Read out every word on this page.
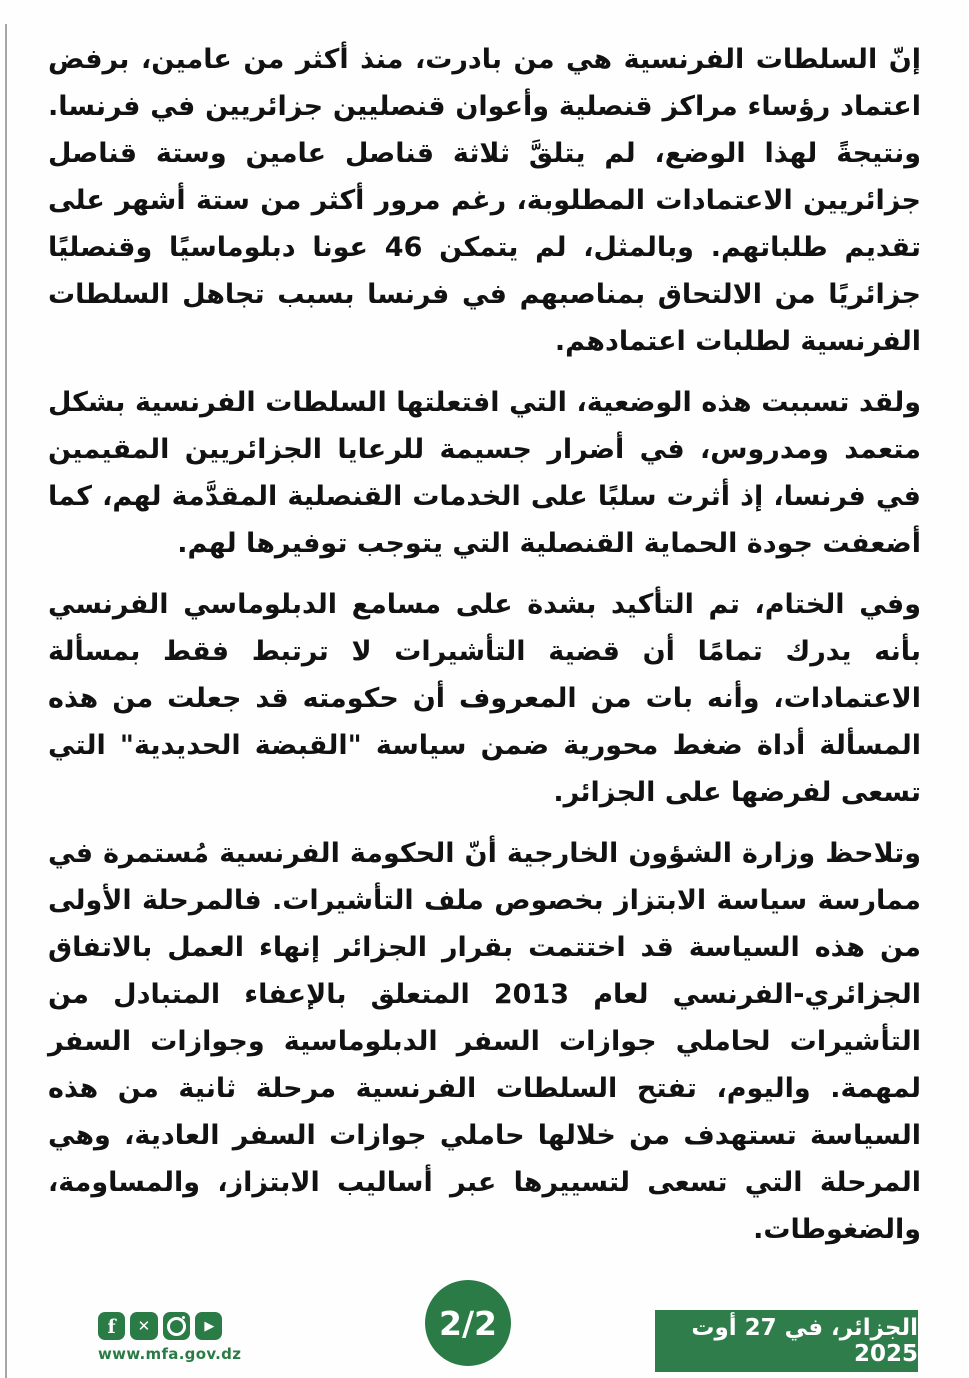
إنّ السلطات الفرنسية هي من بادرت، منذ أكثر من عامين، برفض اعتماد رؤساء مراكز قنصلية وأعوان قنصليين جزائريين في فرنسا. ونتيجةً لهذا الوضع، لم يتلقَّ ثلاثة قناصل عامين وستة قناصل جزائريين الاعتمادات المطلوبة، رغم مرور أكثر من ستة أشهر على تقديم طلباتهم. وبالمثل، لم يتمكن 46 عونا دبلوماسيًا وقنصليًا جزائريًا من الالتحاق بمناصبهم في فرنسا بسبب تجاهل السلطات الفرنسية لطلبات اعتمادهم.

ولقد تسببت هذه الوضعية، التي افتعلتها السلطات الفرنسية بشكل متعمد ومدروس، في أضرار جسيمة للرعايا الجزائريين المقيمين في فرنسا، إذ أثرت سلبًا على الخدمات القنصلية المقدَّمة لهم، كما أضعفت جودة الحماية القنصلية التي يتوجب توفيرها لهم.

وفي الختام، تم التأكيد بشدة على مسامع الدبلوماسي الفرنسي بأنه يدرك تمامًا أن قضية التأشيرات لا ترتبط فقط بمسألة الاعتمادات، وأنه بات من المعروف أن حكومته قد جعلت من هذه المسألة أداة ضغط محورية ضمن سياسة "القبضة الحديدية" التي تسعى لفرضها على الجزائر.

وتلاحظ وزارة الشؤون الخارجية أنّ الحكومة الفرنسية مُستمرة في ممارسة سياسة الابتزاز بخصوص ملف التأشيرات. فالمرحلة الأولى من هذه السياسة قد اختتمت بقرار الجزائر إنهاء العمل بالاتفاق الجزائري-الفرنسي لعام 2013 المتعلق بالإعفاء المتبادل من التأشيرات لحاملي جوازات السفر الدبلوماسية وجوازات السفر لمهمة. واليوم، تفتح السلطات الفرنسية مرحلة ثانية من هذه السياسة تستهدف من خلالها حاملي جوازات السفر العادية، وهي المرحلة التي تسعى لتسييرها عبر أساليب الابتزاز، والمساومة، والضغوطات.

f ✕	▶
www.mfa.gov.dz
2/2	الجزائر، في 27 أوت 2025
